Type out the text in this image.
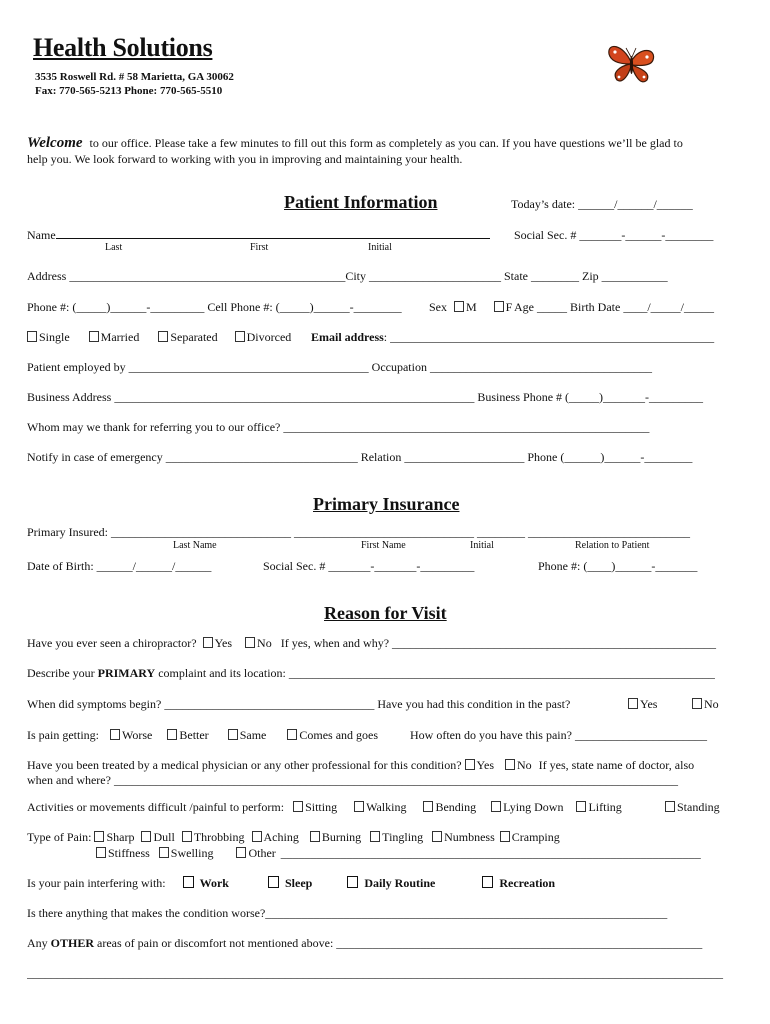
Health Solutions
3535 Roswell Rd. # 58 Marietta, GA 30062
Fax: 770-565-5213 Phone: 770-565-5510
Welcome to our office. Please take a few minutes to fill out this form as completely as you can. If you have questions we’ll be glad to
help you. We look forward to working with you in improving and maintaining your health.
Patient Information	Today’s date: ______/______/______
Name
Last	First	Initial
Social Sec. # _______-______-________
Address ______________________________________________City ______________________ State ________ Zip ___________
Phone #: (_____)______-_________ Cell Phone #: (_____)______-________ Sex M F Age _____ Birth Date ____/_____/_____
Single	Married	Separated Divorced Email address: ______________________________________________________
Patient employed by ________________________________________ Occupation _____________________________________
Business Address ____________________________________________________________ Business Phone # (_____)_______-_________
Whom may we thank for referring you to our office? _____________________________________________________________
Notify in case of emergency ________________________________ Relation ____________________ Phone (______)______-________
Primary Insurance
Primary Insured: ______________________________ ______________________________ ________ ___________________________
Last Name	First Name	Initial	Relation to Patient
Date of Birth: ______/______/______	Social Sec. # _______-_______-_________	Phone #: (____)______-_______
Reason for Visit
Have you ever seen a chiropractor? Yes No If yes, when and why? ______________________________________________________
Describe your PRIMARY complaint and its location: _______________________________________________________________________
When did symptoms begin? ___________________________________ Have you had this condition in the past?	Yes	No
Is pain getting: Worse Better	Same	Comes and goes	How often do you have this pain? ______________________
Have you been treated by a medical physician or any other professional for this condition? Yes No If yes, state name of doctor, also
when and where? ______________________________________________________________________________________________
Activities or movements difficult /painful to perform: Sitting Walking Bending Lying Down Lifting	Standing
Type of Pain: Sharp Dull Throbbing Aching Burning Tingling Numbness Cramping
Stiffness Swelling	Other ______________________________________________________________________
Is your pain interfering with:	Work	Sleep	Daily Routine	Recreation
Is there anything that makes the condition worse?___________________________________________________________________
Any OTHER areas of pain or discomfort not mentioned above: _____________________________________________________________
____________________________________________________________________________________________________________________
